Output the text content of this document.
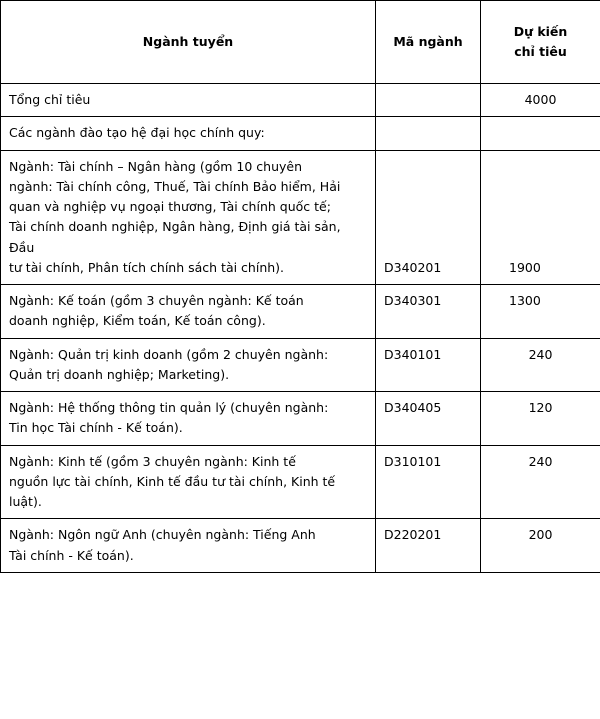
Ngành tuyển	Mã ngành	Dự kiến
chỉ tiêu

Tổng chỉ tiêu		4000

Các ngành đào tạo hệ đại học chính quy:		

Ngành: Tài chính – Ngân hàng (gồm 10 chuyên

ngành: Tài chính công, Thuế, Tài chính Bảo hiểm, Hải

quan và nghiệp vụ ngoại thương, Tài chính quốc tế;

Tài chính doanh nghiệp, Ngân hàng, Định giá tài sản, Đầu

tư tài chính, Phân tích chính sách tài chính).	D340201	1900

Ngành: Kế toán (gồm 3 chuyên ngành: Kế toán

doanh nghiệp, Kiểm toán, Kế toán công).	D340301	1300

Ngành: Quản trị kinh doanh (gồm 2 chuyên ngành:

Quản trị doanh nghiệp; Marketing).	D340101	240

Ngành: Hệ thống thông tin quản lý (chuyên ngành:

Tin học Tài chính - Kế toán).	D340405	120

Ngành: Kinh tế (gồm 3 chuyên ngành: Kinh tế

nguồn lực tài chính, Kinh tế đầu tư tài chính, Kinh tế

luật).	D310101	240

Ngành: Ngôn ngữ Anh (chuyên ngành: Tiếng Anh

Tài chính - Kế toán).	D220201	200
